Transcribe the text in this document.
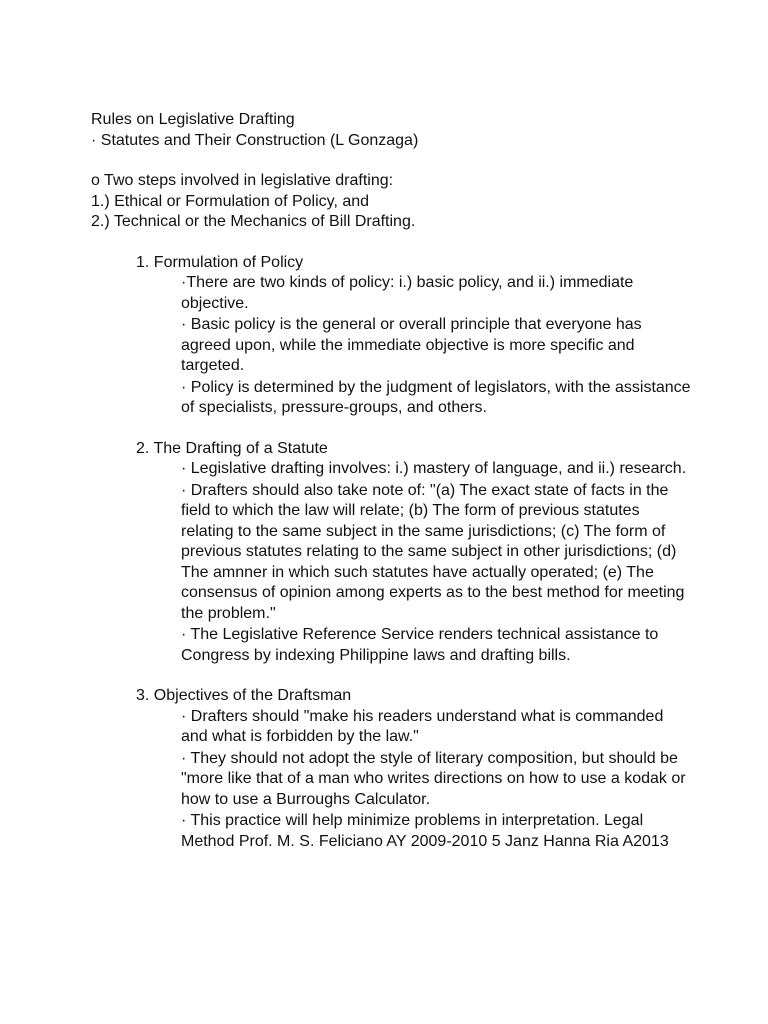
Rules on Legislative Drafting
· Statutes and Their Construction (L Gonzaga)
o Two steps involved in legislative drafting:
1.) Ethical or Formulation of Policy, and
2.) Technical or the Mechanics of Bill Drafting.
1. Formulation of Policy
·There are two kinds of policy: i.) basic policy, and ii.) immediate objective.
· Basic policy is the general or overall principle that everyone has agreed upon, while the immediate objective is more specific and targeted.
· Policy is determined by the judgment of legislators, with the assistance of specialists, pressure-groups, and others.
2. The Drafting of a Statute
· Legislative drafting involves: i.) mastery of language, and ii.) research.
· Drafters should also take note of: "(a) The exact state of facts in the field to which the law will relate; (b) The form of previous statutes relating to the same subject in the same jurisdictions; (c) The form of previous statutes relating to the same subject in other jurisdictions; (d) The amnner in which such statutes have actually operated; (e) The consensus of opinion among experts as to the best method for meeting the problem."
· The Legislative Reference Service renders technical assistance to Congress by indexing Philippine laws and drafting bills.
3. Objectives of the Draftsman
· Drafters should "make his readers understand what is commanded and what is forbidden by the law."
· They should not adopt the style of literary composition, but should be "more like that of a man who writes directions on how to use a kodak or how to use a Burroughs Calculator.
· This practice will help minimize problems in interpretation. Legal Method Prof. M. S. Feliciano AY 2009-2010 5 Janz Hanna Ria A2013
